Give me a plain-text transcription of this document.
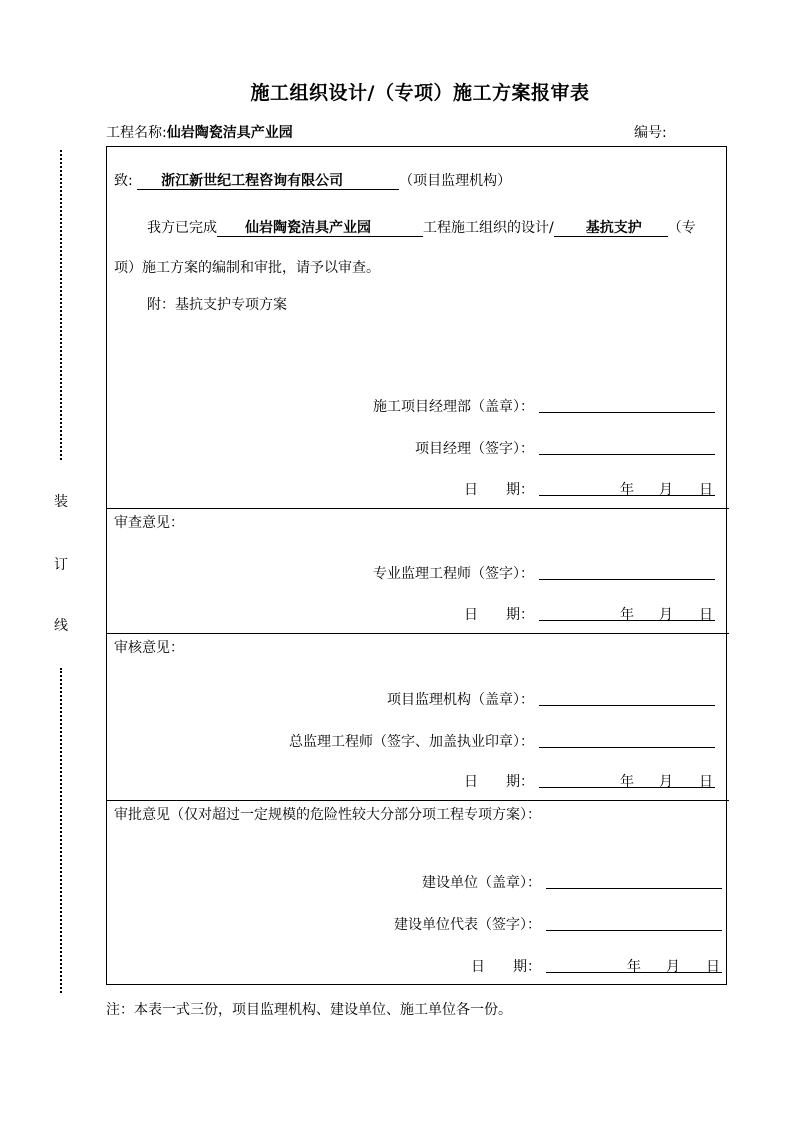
施工组织设计/（专项）施工方案报审表
工程名称:仙岩陶瓷洁具产业园	编号:
装
订
线
致: 浙江新世纪工程咨询有限公司	（项目监理机构）
我方已完成 仙岩陶瓷洁具产业园	工程施工组织的设计/ 基抗支护 （专
项）施工方案的编制和审批，请予以审查。
附：基抗支护专项方案
施工项目经理部（盖章）：
项目经理（签字）：
日　　期：	年 月 日
审查意见：
专业监理工程师（签字）：
日　　期：	年 月 日
审核意见：
项目监理机构（盖章）：
总监理工程师（签字、加盖执业印章）：
日　　期：	年 月 日
审批意见（仅对超过一定规模的危险性较大分部分项工程专项方案）：
建设单位（盖章）：
建设单位代表（签字）：
日　　期：	年 月 日
注：本表一式三份，项目监理机构、建设单位、施工单位各一份。
